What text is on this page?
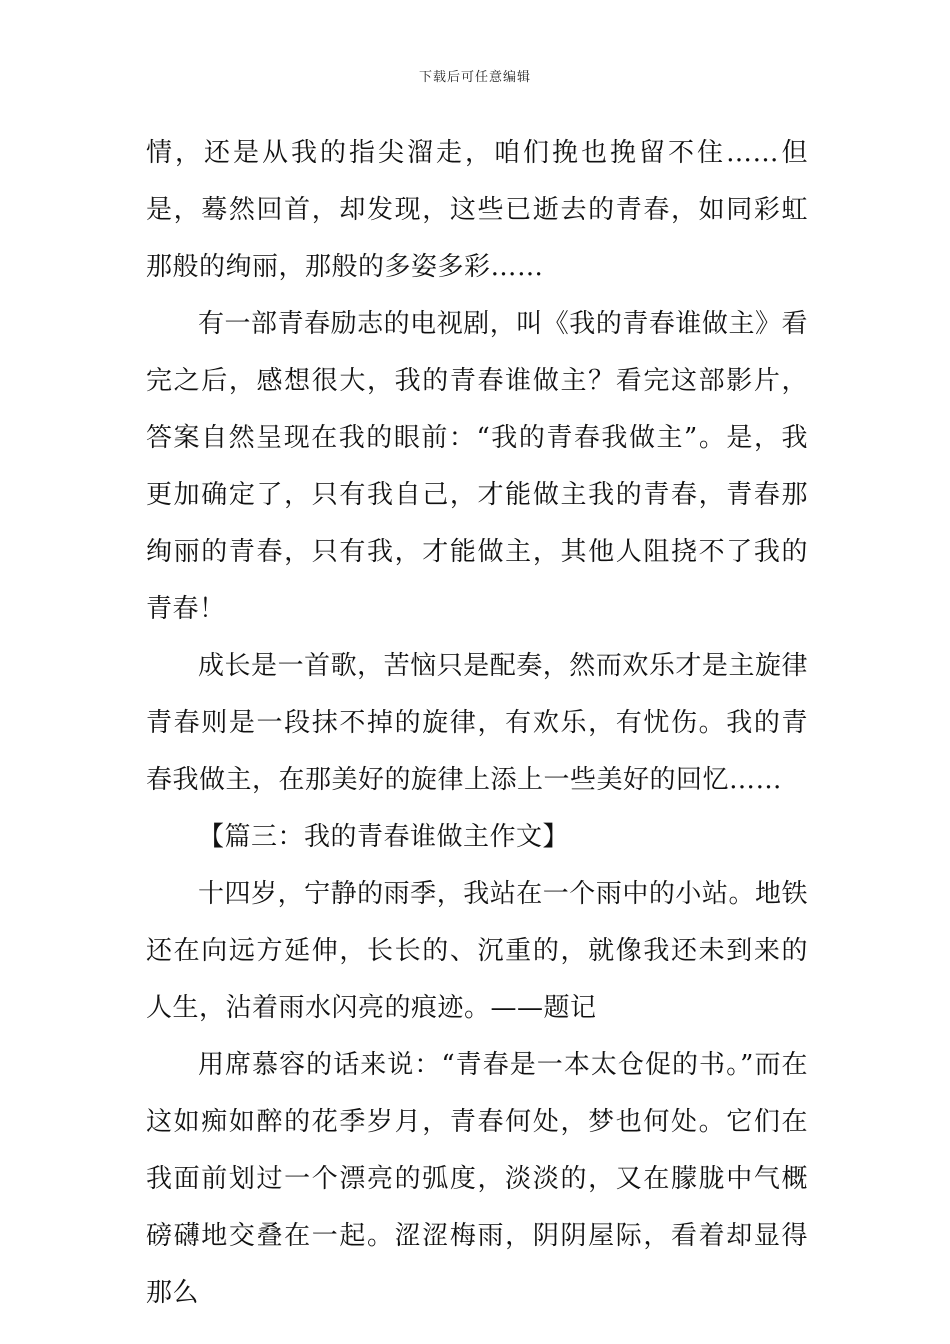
下载后可任意编辑

情，还是从我的指尖溜走，咱们挽也挽留不住……但是，蓦然回首，却发现，这些已逝去的青春，如同彩虹那般的绚丽，那般的多姿多彩……

有一部青春励志的电视剧，叫《我的青春谁做主》看完之后，感想很大，我的青春谁做主？看完这部影片，答案自然呈现在我的眼前：“我的青春我做主”。是，我更加确定了，只有我自己，才能做主我的青春，青春那绚丽的青春，只有我，才能做主，其他人阻挠不了我的青春！

成长是一首歌，苦恼只是配奏，然而欢乐才是主旋律青春则是一段抹不掉的旋律，有欢乐，有忧伤。我的青春我做主，在那美好的旋律上添上一些美好的回忆……

【篇三：我的青春谁做主作文】

十四岁，宁静的雨季，我站在一个雨中的小站。地铁还在向远方延伸，长长的、沉重的，就像我还未到来的人生，沾着雨水闪亮的痕迹。——题记

用席慕容的话来说：“青春是一本太仓促的书。”而在这如痴如醉的花季岁月，青春何处，梦也何处。它们在我面前划过一个漂亮的弧度，淡淡的，又在朦胧中气概磅礴地交叠在一起。涩涩梅雨，阴阴屋际，看着却显得那么
